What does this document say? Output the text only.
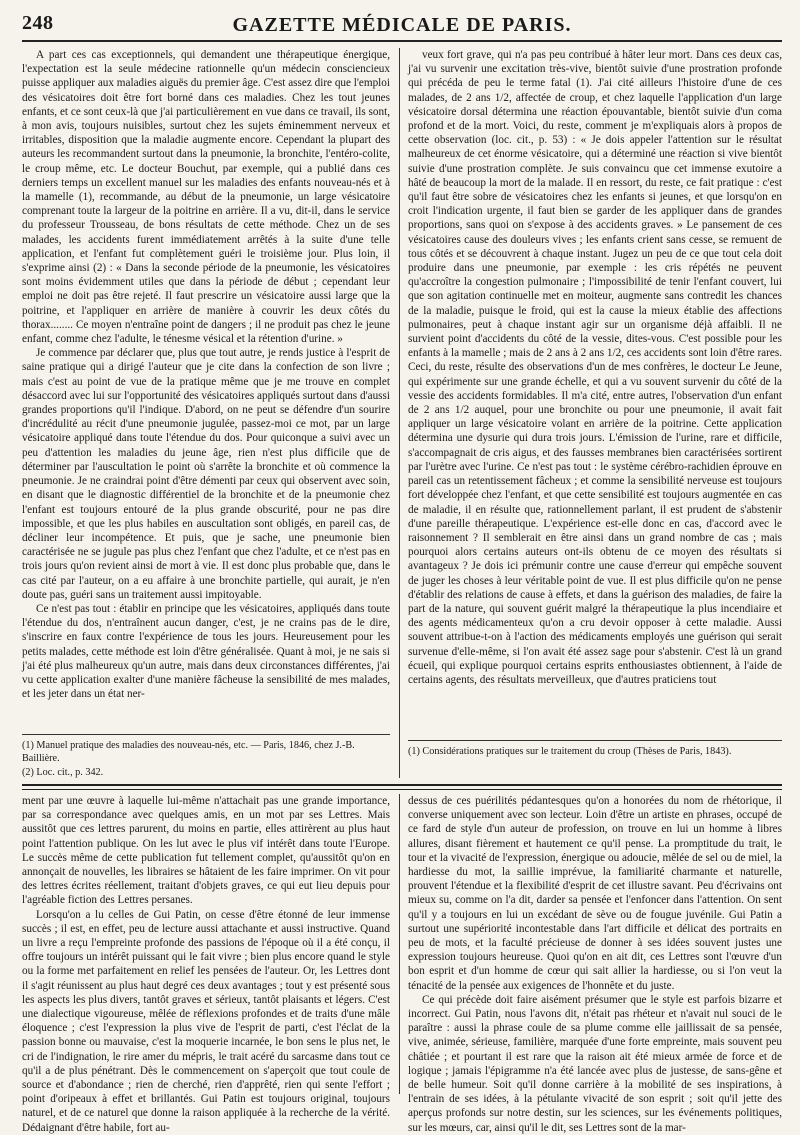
248	GAZETTE MÉDICALE DE PARIS.

A part ces cas exceptionnels, qui demandent une thérapeutique énergique, l'expectation est la seule médecine rationnelle qu'un médecin consciencieux puisse appliquer aux maladies aiguës du premier âge. C'est assez dire que l'emploi des vésicatoires doit être fort borné dans ces maladies. Chez les tout jeunes enfants, et ce sont ceux-là que j'ai particulièrement en vue dans ce travail, ils sont, à mon avis, toujours nuisibles, surtout chez les sujets éminemment nerveux et irritables, disposition que la maladie augmente encore. Cependant la plupart des auteurs les recommandent surtout dans la pneumonie, la bronchite, l'entéro-colite, le croup même, etc. Le docteur Bouchut, par exemple, qui a publié dans ces derniers temps un excellent manuel sur les maladies des enfants nouveau-nés et à la mamelle (1), recommande, au début de la pneumonie, un large vésicatoire comprenant toute la largeur de la poitrine en arrière. Il a vu, dit-il, dans le service du professeur Trousseau, de bons résultats de cette méthode. Chez un de ses malades, les accidents furent immédiatement arrêtés à la suite d'une telle application, et l'enfant fut complètement guéri le troisième jour. Plus loin, il s'exprime ainsi (2) : « Dans la seconde période de la pneumonie, les vésicatoires sont moins évidemment utiles que dans la période de début ; cependant leur emploi ne doit pas être rejeté. Il faut prescrire un vésicatoire aussi large que la poitrine, et l'appliquer en arrière de manière à couvrir les deux côtés du thorax........ Ce moyen n'entraîne point de dangers ; il ne produit pas chez le jeune enfant, comme chez l'adulte, le ténesme vésical et la rétention d'urine. »

Je commence par déclarer que, plus que tout autre, je rends justice à l'esprit de saine pratique qui a dirigé l'auteur que je cite dans la confection de son livre ; mais c'est au point de vue de la pratique même que je me trouve en complet désaccord avec lui sur l'opportunité des vésicatoires appliqués surtout dans d'aussi grandes proportions qu'il l'indique. D'abord, on ne peut se défendre d'un sourire d'incrédulité au récit d'une pneumonie jugulée, passez-moi ce mot, par un large vésicatoire appliqué dans toute l'étendue du dos. Pour quiconque a suivi avec un peu d'attention les maladies du jeune âge, rien n'est plus difficile que de déterminer par l'auscultation le point où s'arrête la bronchite et où commence la pneumonie. Je ne craindrai point d'être démenti par ceux qui observent avec soin, en disant que le diagnostic différentiel de la bronchite et de la pneumonie chez l'enfant est toujours entouré de la plus grande obscurité, pour ne pas dire impossible, et que les plus habiles en auscultation sont obligés, en pareil cas, de décliner leur incompétence. Et puis, que je sache, une pneumonie bien caractérisée ne se jugule pas plus chez l'enfant que chez l'adulte, et ce n'est pas en trois jours qu'on revient ainsi de mort à vie. Il est donc plus probable que, dans le cas cité par l'auteur, on a eu affaire à une bronchite partielle, qui aurait, je n'en doute pas, guéri sans un traitement aussi impitoyable.

Ce n'est pas tout : établir en principe que les vésicatoires, appliqués dans toute l'étendue du dos, n'entraînent aucun danger, c'est, je ne crains pas de le dire, s'inscrire en faux contre l'expérience de tous les jours. Heureusement pour les petits malades, cette méthode est loin d'être généralisée. Quant à moi, je ne sais si j'ai été plus malheureux qu'un autre, mais dans deux circonstances différentes, j'ai vu cette application exalter d'une manière fâcheuse la sensibilité de mes malades, et les jeter dans un état ner-

veux fort grave, qui n'a pas peu contribué à hâter leur mort. Dans ces deux cas, j'ai vu survenir une excitation très-vive, bientôt suivie d'une prostration profonde qui précéda de peu le terme fatal (1). J'ai cité ailleurs l'histoire d'une de ces malades, de 2 ans 1/2, affectée de croup, et chez laquelle l'application d'un large vésicatoire dorsal détermina une réaction épouvantable, bientôt suivie d'un coma profond et de la mort. Voici, du reste, comment je m'expliquais alors à propos de cette observation (loc. cit., p. 53) : « Je dois appeler l'attention sur le résultat malheureux de cet énorme vésicatoire, qui a déterminé une réaction si vive bientôt suivie d'une prostration complète. Je suis convaincu que cet immense exutoire a hâté de beaucoup la mort de la malade. Il en ressort, du reste, ce fait pratique : c'est qu'il faut être sobre de vésicatoires chez les enfants si jeunes, et que lorsqu'on en croit l'indication urgente, il faut bien se garder de les appliquer dans de grandes proportions, sans quoi on s'expose à des accidents graves. » Le pansement de ces vésicatoires cause des douleurs vives ; les enfants crient sans cesse, se remuent de tous côtés et se découvrent à chaque instant. Jugez un peu de ce que tout cela doit produire dans une pneumonie, par exemple : les cris répétés ne peuvent qu'accroître la congestion pulmonaire ; l'impossibilité de tenir l'enfant couvert, lui que son agitation continuelle met en moiteur, augmente sans contredit les chances de la maladie, puisque le froid, qui est la cause la mieux établie des affections pulmonaires, peut à chaque instant agir sur un organisme déjà affaibli. Il ne survient point d'accidents du côté de la vessie, dites-vous. C'est possible pour les enfants à la mamelle ; mais de 2 ans à 2 ans 1/2, ces accidents sont loin d'être rares. Ceci, du reste, résulte des observations d'un de mes confrères, le docteur Le Jeune, qui expérimente sur une grande échelle, et qui a vu souvent survenir du côté de la vessie des accidents formidables. Il m'a cité, entre autres, l'observation d'un enfant de 2 ans 1/2 auquel, pour une bronchite ou pour une pneumonie, il avait fait appliquer un large vésicatoire volant en arrière de la poitrine. Cette application détermina une dysurie qui dura trois jours. L'émission de l'urine, rare et difficile, s'accompagnait de cris aigus, et des fausses membranes bien caractérisées sortirent par l'urètre avec l'urine. Ce n'est pas tout : le système cérébro-rachidien éprouve en pareil cas un retentissement fâcheux ; et comme la sensibilité nerveuse est toujours fort développée chez l'enfant, et que cette sensibilité est toujours augmentée en cas de maladie, il en résulte que, rationnellement parlant, il est prudent de s'abstenir d'une pareille thérapeutique. L'expérience est-elle donc en cas, d'accord avec le raisonnement ? Il semblerait en être ainsi dans un grand nombre de cas ; mais pourquoi alors certains auteurs ont-ils obtenu de ce moyen des résultats si avantageux ? Je dois ici prémunir contre une cause d'erreur qui empêche souvent de juger les choses à leur véritable point de vue. Il est plus difficile qu'on ne pense d'établir des relations de cause à effets, et dans la guérison des maladies, de faire la part de la nature, qui souvent guérit malgré la thérapeutique la plus incendiaire et des agents médicamenteux qu'on a cru devoir opposer à cette maladie. Aussi souvent attribue-t-on à l'action des médicaments employés une guérison qui serait survenue d'elle-même, si l'on avait été assez sage pour s'abstenir. C'est là un grand écueil, qui explique pourquoi certains esprits enthousiastes obtiennent, à l'aide de certains agents, des résultats merveilleux, que d'autres praticiens tout

(1) Manuel pratique des maladies des nouveau-nés, etc. — Paris, 1846, chez J.-B. Baillière.
(2) Loc. cit., p. 342.
(1) Considérations pratiques sur le traitement du croup (Thèses de Paris, 1843).

ment par une œuvre à laquelle lui-même n'attachait pas une grande importance, par sa correspondance avec quelques amis, en un mot par ses Lettres. Mais aussitôt que ces lettres parurent, du moins en partie, elles attirèrent au plus haut point l'attention publique. On les lut avec le plus vif intérêt dans toute l'Europe. Le succès même de cette publication fut tellement complet, qu'aussitôt qu'on en annonçait de nouvelles, les libraires se hâtaient de les faire imprimer. On vit pour des lettres écrites réellement, traitant d'objets graves, ce qui eut lieu depuis pour l'agréable fiction des Lettres persanes.

Lorsqu'on a lu celles de Gui Patin, on cesse d'être étonné de leur immense succès ; il est, en effet, peu de lecture aussi attachante et aussi instructive. Quand un livre a reçu l'empreinte profonde des passions de l'époque où il a été conçu, il offre toujours un intérêt puissant qui le fait vivre ; bien plus encore quand le style ou la forme met parfaitement en relief les pensées de l'auteur. Or, les Lettres dont il s'agit réunissent au plus haut degré ces deux avantages ; tout y est présenté sous les aspects les plus divers, tantôt graves et sérieux, tantôt plaisants et légers. C'est une dialectique vigoureuse, mêlée de réflexions profondes et de traits d'une mâle éloquence ; c'est l'expression la plus vive de l'esprit de parti, c'est l'éclat de la passion bonne ou mauvaise, c'est la moquerie incarnée, le bon sens le plus net, le cri de l'indignation, le rire amer du mépris, le trait acéré du sarcasme dans tout ce qu'il a de plus pénétrant. Dès le commencement on s'aperçoit que tout coule de source et d'abondance ; rien de cherché, rien d'apprêté, rien qui sente l'effort ; point d'oripeaux à effet et brillantés. Gui Patin est toujours original, toujours naturel, et de ce naturel que donne la raison appliquée à la recherche de la vérité. Dédaignant d'être habile, fort au-

dessus de ces puérilités pédantesques qu'on a honorées du nom de rhétorique, il converse uniquement avec son lecteur. Loin d'être un artiste en phrases, occupé de ce fard de style d'un auteur de profession, on trouve en lui un homme à libres allures, disant fièrement et hautement ce qu'il pense. La promptitude du trait, le tour et la vivacité de l'expression, énergique ou adoucie, mêlée de sel ou de miel, la hardiesse du mot, la saillie imprévue, la familiarité charmante et naturelle, prouvent l'étendue et la flexibilité d'esprit de cet illustre savant. Peu d'écrivains ont mieux su, comme on l'a dit, darder sa pensée et l'enfoncer dans l'attention. On sent qu'il y a toujours en lui un excédant de sève ou de fougue juvénile. Gui Patin a surtout une supériorité incontestable dans l'art difficile et délicat des portraits en peu de mots, et la faculté précieuse de donner à ses idées souvent justes une expression toujours heureuse. Quoi qu'on en ait dit, ces Lettres sont l'œuvre d'un bon esprit et d'un homme de cœur qui sait allier la hardiesse, ou si l'on veut la ténacité de la pensée aux exigences de l'honnête et du juste.

Ce qui précède doit faire aisément présumer que le style est parfois bizarre et incorrect. Gui Patin, nous l'avons dit, n'était pas rhéteur et n'avait nul souci de le paraître : aussi la phrase coule de sa plume comme elle jaillissait de sa pensée, vive, animée, sérieuse, familière, marquée d'une forte empreinte, mais souvent peu châtiée ; et pourtant il est rare que la raison ait été mieux armée de force et de logique ; jamais l'épigramme n'a été lancée avec plus de justesse, de sans-gêne et de belle humeur. Soit qu'il donne carrière à la mobilité de ses inspirations, à l'entrain de ses idées, à la pétulante vivacité de son esprit ; soit qu'il jette des aperçus profonds sur notre destin, sur les sciences, sur les événements politiques, sur les mœurs, car, ainsi qu'il le dit, ses Lettres sont de la mar-
